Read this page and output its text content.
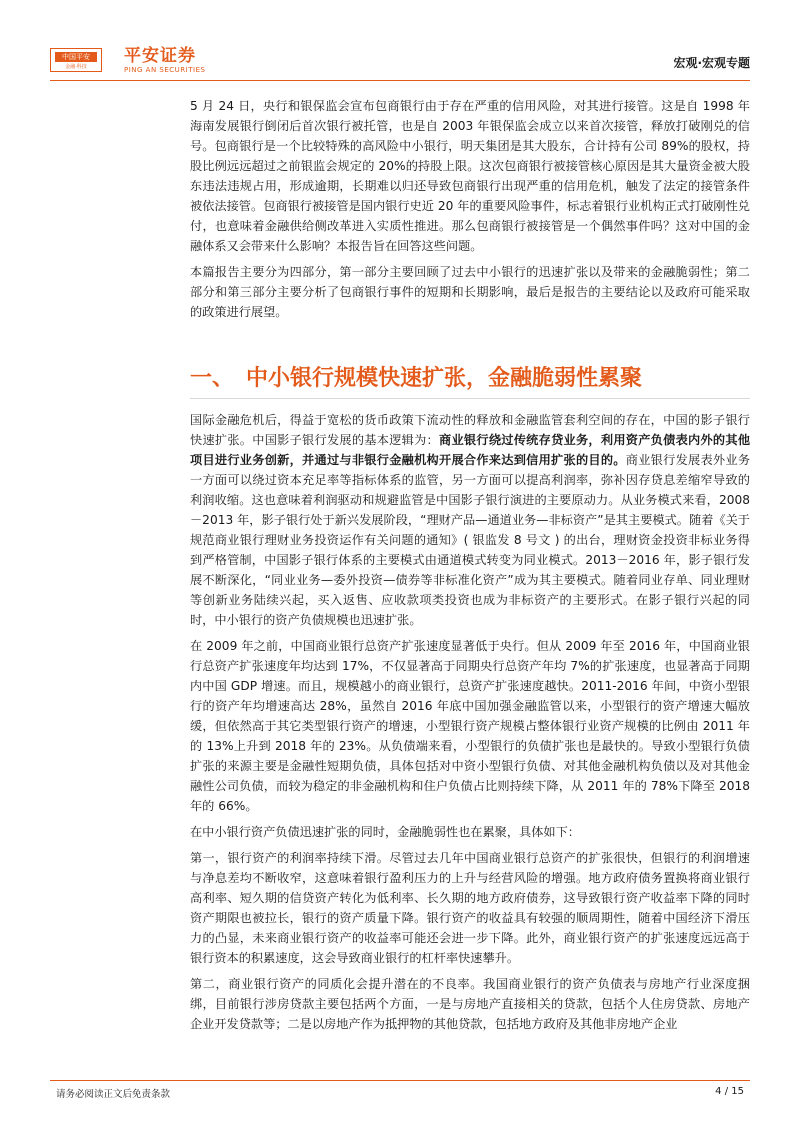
中国平安
金融·科技
平安证券
PING AN SECURITIES	宏观·宏观专题

5 月 24 日，央行和银保监会宣布包商银行由于存在严重的信用风险，对其进行接管。这是自 1998 年海南发展银行倒闭后首次银行被托管，也是自 2003 年银保监会成立以来首次接管，释放打破刚兑的信号。包商银行是一个比较特殊的高风险中小银行，明天集团是其大股东，合计持有公司 89%的股权，持股比例远远超过之前银监会规定的 20%的持股上限。这次包商银行被接管核心原因是其大量资金被大股东违法违规占用，形成逾期，长期难以归还导致包商银行出现严重的信用危机，触发了法定的接管条件被依法接管。包商银行被接管是国内银行史近 20 年的重要风险事件，标志着银行业机构正式打破刚性兑付，也意味着金融供给侧改革进入实质性推进。那么包商银行被接管是一个偶然事件吗？这对中国的金融体系又会带来什么影响？本报告旨在回答这些问题。

本篇报告主要分为四部分，第一部分主要回顾了过去中小银行的迅速扩张以及带来的金融脆弱性；第二部分和第三部分主要分析了包商银行事件的短期和长期影响，最后是报告的主要结论以及政府可能采取的政策进行展望。

一、 中小银行规模快速扩张，金融脆弱性累聚

国际金融危机后，得益于宽松的货币政策下流动性的释放和金融监管套利空间的存在，中国的影子银行快速扩张。中国影子银行发展的基本逻辑为：商业银行绕过传统存贷业务，利用资产负债表内外的其他项目进行业务创新，并通过与非银行金融机构开展合作来达到信用扩张的目的。商业银行发展表外业务一方面可以绕过资本充足率等指标体系的监管，另一方面可以提高利润率，弥补因存贷息差缩窄导致的利润收缩。这也意味着利润驱动和规避监管是中国影子银行演进的主要原动力。从业务模式来看，2008－2013 年，影子银行处于新兴发展阶段，“理财产品—通道业务—非标资产”是其主要模式。随着《关于规范商业银行理财业务投资运作有关问题的通知》( 银监发 8 号文 ) 的出台，理财资金投资非标业务得到严格管制，中国影子银行体系的主要模式由通道模式转变为同业模式。2013－2016 年，影子银行发展不断深化，“同业业务—委外投资—债券等非标准化资产”成为其主要模式。随着同业存单、同业理财等创新业务陆续兴起，买入返售、应收款项类投资也成为非标资产的主要形式。在影子银行兴起的同时，中小银行的资产负债规模也迅速扩张。

在 2009 年之前，中国商业银行总资产扩张速度显著低于央行。但从 2009 年至 2016 年，中国商业银行总资产扩张速度年均达到 17%，不仅显著高于同期央行总资产年均 7%的扩张速度，也显著高于同期内中国 GDP 增速。而且，规模越小的商业银行，总资产扩张速度越快。2011-2016 年间，中资小型银行的资产年均增速高达 28%，虽然自 2016 年底中国加强金融监管以来，小型银行的资产增速大幅放缓，但依然高于其它类型银行资产的增速，小型银行资产规模占整体银行业资产规模的比例由 2011 年的 13%上升到 2018 年的 23%。从负债端来看，小型银行的负债扩张也是最快的。导致小型银行负债扩张的来源主要是金融性短期负债，具体包括对中资小型银行负债、对其他金融机构负债以及对其他金融性公司负债，而较为稳定的非金融机构和住户负债占比则持续下降，从 2011 年的 78%下降至 2018 年的 66%。

在中小银行资产负债迅速扩张的同时，金融脆弱性也在累聚，具体如下：

第一，银行资产的利润率持续下滑。尽管过去几年中国商业银行总资产的扩张很快，但银行的利润增速与净息差均不断收窄，这意味着银行盈利压力的上升与经营风险的增强。地方政府债务置换将商业银行高利率、短久期的信贷资产转化为低利率、长久期的地方政府债券，这导致银行资产收益率下降的同时资产期限也被拉长，银行的资产质量下降。银行资产的收益具有较强的顺周期性，随着中国经济下滑压力的凸显，未来商业银行资产的收益率可能还会进一步下降。此外，商业银行资产的扩张速度远远高于银行资本的积累速度，这会导致商业银行的杠杆率快速攀升。

第二，商业银行资产的同质化会提升潜在的不良率。我国商业银行的资产负债表与房地产行业深度捆绑，目前银行涉房贷款主要包括两个方面，一是与房地产直接相关的贷款，包括个人住房贷款、房地产企业开发贷款等；二是以房地产作为抵押物的其他贷款，包括地方政府及其他非房地产企业

请务必阅读正文后免责条款	4 / 15
